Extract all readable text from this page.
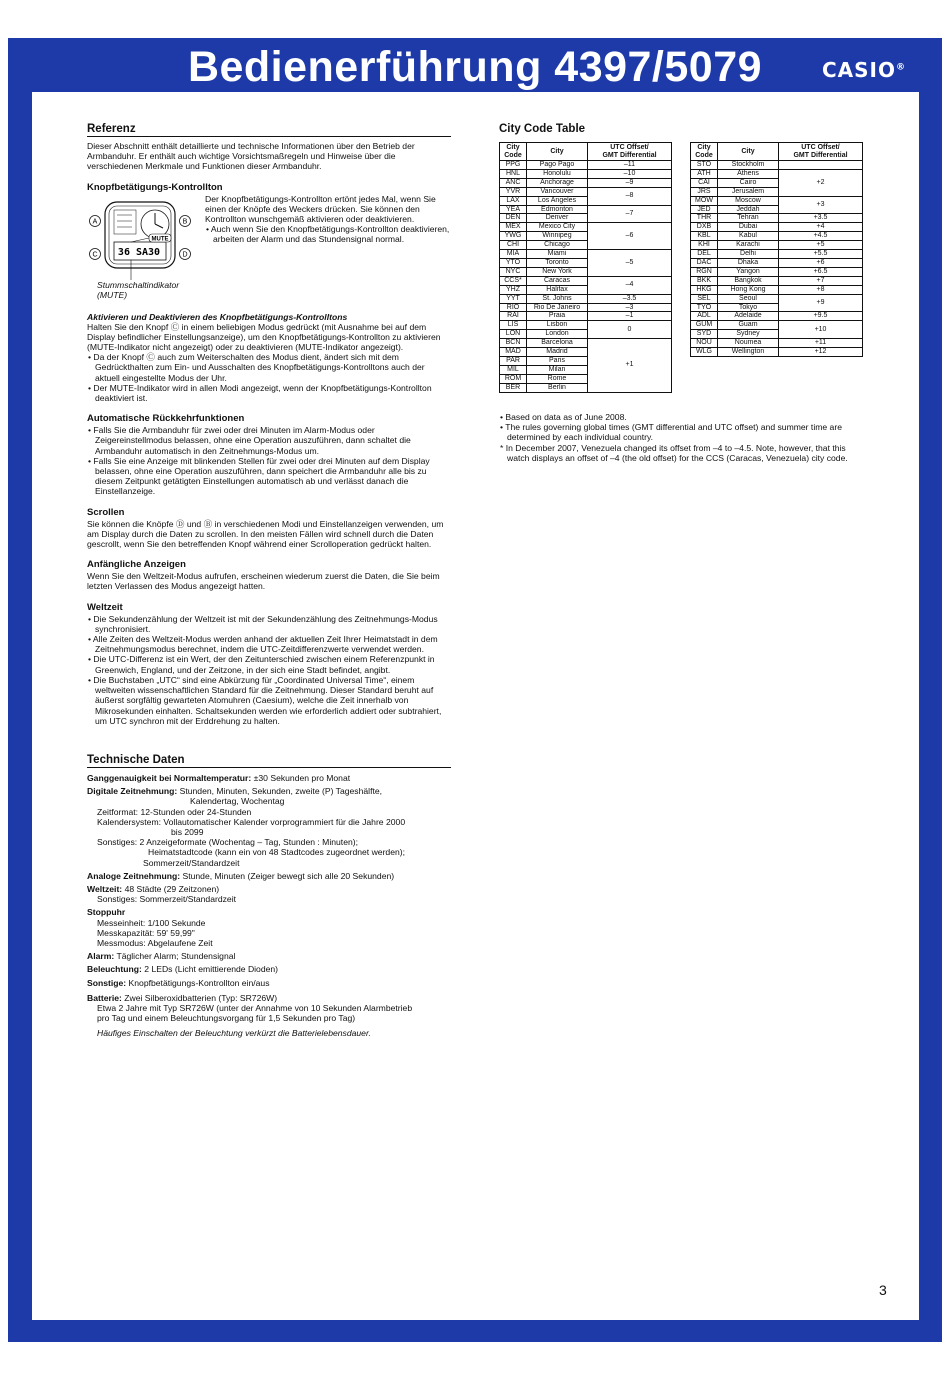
Bedienerführung 4397/5079	CASIO®
Referenz

Dieser Abschnitt enthält detaillierte und technische Informationen über den Betrieb der Armbanduhr. Er enthält auch wichtige Vorsichtsmaßregeln und Hinweise über die verschiedenen Merkmale und Funktionen dieser Armbanduhr.

Knopfbetätigungs-Kontrollton
A	B
C	D
36 SA30
MUTE
Stummschaltindikator
(MUTE)

Der Knopfbetätigungs-Kontrollton ertönt jedes Mal, wenn Sie einen der Knöpfe des Weckers drücken. Sie können den Kontrollton wunschgemäß aktivieren oder deaktivieren.

• Auch wenn Sie den Knopfbetätigungs-Kontrollton deaktivieren, arbeiten der Alarm und das Stundensignal normal.

Aktivieren und Deaktivieren des Knopfbetätigungs-Kontrolltons

Halten Sie den Knopf Ⓒ in einem beliebigen Modus gedrückt (mit Ausnahme bei auf dem Display befindlicher Einstellungsanzeige), um den Knopfbetätigungs-Kontrollton zu aktivieren (MUTE-Indikator nicht angezeigt) oder zu deaktivieren (MUTE-Indikator angezeigt).

• Da der Knopf Ⓒ auch zum Weiterschalten des Modus dient, ändert sich mit dem Gedrückthalten zum Ein- und Ausschalten des Knopfbetätigungs-Kontrolltons auch der aktuell eingestellte Modus der Uhr.

• Der MUTE-Indikator wird in allen Modi angezeigt, wenn der Knopfbetätigungs-Kontrollton deaktiviert ist.

Automatische Rückkehrfunktionen

• Falls Sie die Armbanduhr für zwei oder drei Minuten im Alarm-Modus oder Zeigereinstellmodus belassen, ohne eine Operation auszuführen, dann schaltet die Armbanduhr automatisch in den Zeitnehmungs-Modus um.

• Falls Sie eine Anzeige mit blinkenden Stellen für zwei oder drei Minuten auf dem Display belassen, ohne eine Operation auszuführen, dann speichert die Armbanduhr alle bis zu diesem Zeitpunkt getätigten Einstellungen automatisch ab und verlässt danach die Einstellanzeige.

Scrollen

Sie können die Knöpfe Ⓓ und Ⓑ in verschiedenen Modi und Einstellanzeigen verwenden, um am Display durch die Daten zu scrollen. In den meisten Fällen wird schnell durch die Daten gescrollt, wenn Sie den betreffenden Knopf während einer Scrolloperation gedrückt halten.

Anfängliche Anzeigen

Wenn Sie den Weltzeit-Modus aufrufen, erscheinen wiederum zuerst die Daten, die Sie beim letzten Verlassen des Modus angezeigt hatten.

Weltzeit

• Die Sekundenzählung der Weltzeit ist mit der Sekundenzählung des Zeitnehmungs-Modus synchronisiert.

• Alle Zeiten des Weltzeit-Modus werden anhand der aktuellen Zeit Ihrer Heimatstadt in dem Zeitnehmungsmodus berechnet, indem die UTC-Zeitdifferenzwerte verwendet werden.

• Die UTC-Differenz ist ein Wert, der den Zeitunterschied zwischen einem Referenzpunkt in Greenwich, England, und der Zeitzone, in der sich eine Stadt befindet, angibt.

• Die Buchstaben „UTC“ sind eine Abkürzung für „Coordinated Universal Time“, einem weltweiten wissenschaftlichen Standard für die Zeitnehmung. Dieser Standard beruht auf äußerst sorgfältig gewarteten Atomuhren (Caesium), welche die Zeit innerhalb von Mikrosekunden einhalten. Schaltsekunden werden wie erforderlich addiert oder subtrahiert, um UTC synchron mit der Erddrehung zu halten.

Technische Daten

Ganggenauigkeit bei Normaltemperatur: ±30 Sekunden pro Monat

Digitale Zeitnehmung: Stunden, Minuten, Sekunden, zweite (P) Tageshälfte,

Kalendertag, Wochentag

Zeitformat: 12-Stunden oder 24-Stunden

Kalendersystem: Vollautomatischer Kalender vorprogrammiert für die Jahre 2000

bis 2099

Sonstiges: 2 Anzeigeformate (Wochentag – Tag, Stunden : Minuten);

Heimatstadtcode (kann ein von 48 Stadtcodes zugeordnet werden);

Sommerzeit/Standardzeit

Analoge Zeitnehmung: Stunde, Minuten (Zeiger bewegt sich alle 20 Sekunden)

Weltzeit: 48 Städte (29 Zeitzonen)

Sonstiges: Sommerzeit/Standardzeit

Stoppuhr

Messeinheit: 1/100 Sekunde

Messkapazität: 59' 59,99"

Messmodus: Abgelaufene Zeit

Alarm: Täglicher Alarm; Stundensignal

Beleuchtung: 2 LEDs (Licht emittierende Dioden)

Sonstige: Knopfbetätigungs-Kontrollton ein/aus

Batterie: Zwei Silberoxidbatterien (Typ: SR726W)

Etwa 2 Jahre mit Typ SR726W (unter der Annahme von 10 Sekunden Alarmbetrieb

pro Tag und einem Beleuchtungsvorgang für 1,5 Sekunden pro Tag)

Häufiges Einschalten der Beleuchtung verkürzt die Batterielebensdauer.

City Code Table
City
Code	City	UTC Offset/
GMT Differential
PPG	Pago Pago	–11
HNL	Honolulu	–10
ANC	Anchorage	–9
YVR	Vancouver	–8
LAX	Los Angeles	
YEA	Edmonton	–7
DEN	Denver	
MEX	Mexico City	–6
YWG	Winnipeg	
CHI	Chicago	
MIA	Miami	–5
YTO	Toronto	
NYC	New York	
CCS*	Caracas	–4
YHZ	Halifax	
YYT	St. Johns	–3.5
RIO	Rio De Janeiro	–3
RAI	Praia	–1
LIS	Lisbon	0
LON	London	
BCN	Barcelona	+1
MAD	Madrid	
PAR	Paris	
MIL	Milan	
ROM	Rome	
BER	Berlin	
City
Code	City	UTC Offset/
GMT Differential
STO	Stockholm	
ATH	Athens	+2
CAI	Cairo	
JRS	Jerusalem	
MOW	Moscow	+3
JED	Jeddah	
THR	Tehran	+3.5
DXB	Dubai	+4
KBL	Kabul	+4.5
KHI	Karachi	+5
DEL	Delhi	+5.5
DAC	Dhaka	+6
RGN	Yangon	+6.5
BKK	Bangkok	+7
HKG	Hong Kong	+8
SEL	Seoul	+9
TYO	Tokyo	
ADL	Adelaide	+9.5
GUM	Guam	+10
SYD	Sydney	
NOU	Noumea	+11
WLG	Wellington	+12

• Based on data as of June 2008.

• The rules governing global times (GMT differential and UTC offset) and summer time are determined by each individual country.

* In December 2007, Venezuela changed its offset from –4 to –4.5. Note, however, that this watch displays an offset of –4 (the old offset) for the CCS (Caracas, Venezuela) city code.

3
